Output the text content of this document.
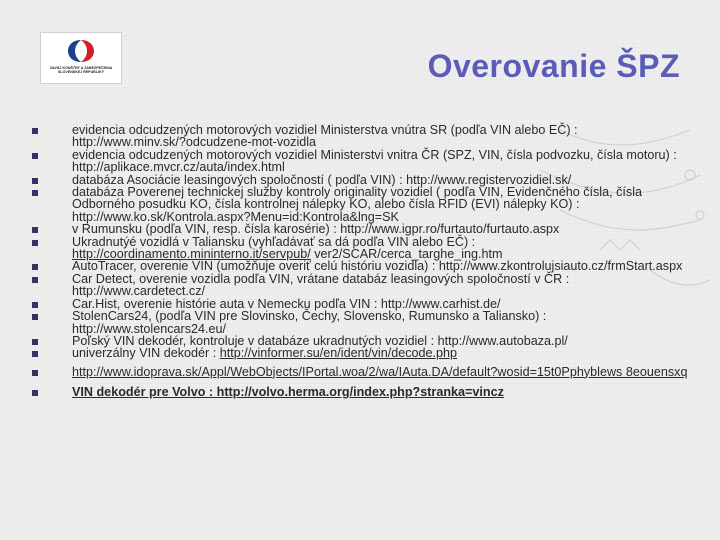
ZAVÄZ KONŠTRY A ZABEZPEČENIA SLOVENSKEJ REPUBLIKY	Overovanie ŠPZ
evidencia odcudzených motorových vozidiel Ministerstva vnútra SR (podľa VIN alebo EČ) : http://www.minv.sk/?odcudzene-mot-vozidla
evidencia odcudzených motorových vozidiel Ministerstvi vnitra ČR (SPZ, VIN, čísla podvozku, čísla motoru) : http://aplikace.mvcr.cz/auta/index.html
databáza Asociácie leasingových spoločností ( podľa VIN) : http://www.registervozidiel.sk/
databáza Poverenej technickej služby kontroly originality vozidiel ( podľa VIN, Evidenčného čísla, čísla Odborného posudku KO, čísla kontrolnej nálepky KO, alebo čísla RFID (EVI) nálepky KO) : http://www.ko.sk/Kontrola.aspx?Menu=id:Kontrola&lng=SK
v Rumunsku (podľa VIN, resp. čísla karosérie) : http://www.igpr.ro/furtauto/furtauto.aspx
Ukradnutýé vozidlá v Taliansku (vyhľadávať sa dá podľa VIN alebo EČ) : http://coordinamento.mininterno.it/servpub/ ver2/SCAR/cerca_targhe_ing.htm
AutoTracer, overenie VIN (umožňuje overiť celú históriu vozidla) : http://www.zkontrolujsiauto.cz/frmStart.aspx
Car Detect, overenie vozidla podľa VIN, vrátane databáz leasingových spoločností v ČR : http://www.cardetect.cz/
Car.Hist, overenie histórie auta v Nemecku podľa VIN : http://www.carhist.de/
StolenCars24, (podľa VIN pre Slovinsko, Čechy, Slovensko, Rumunsko a Taliansko) : http://www.stolencars24.eu/
Poľský VIN dekodér, kontroluje v databáze ukradnutých vozidiel : http://www.autobaza.pl/
univerzálny VIN dekodér : http://vinformer.su/en/ident/vin/decode.php
http://www.idoprava.sk/Appl/WebObjects/IPortal.woa/2/wa/IAuta.DA/default?wosid=15t0Pphyblews 8eouensxq
VIN dekodér pre Volvo : http://volvo.herma.org/index.php?stranka=vincz
